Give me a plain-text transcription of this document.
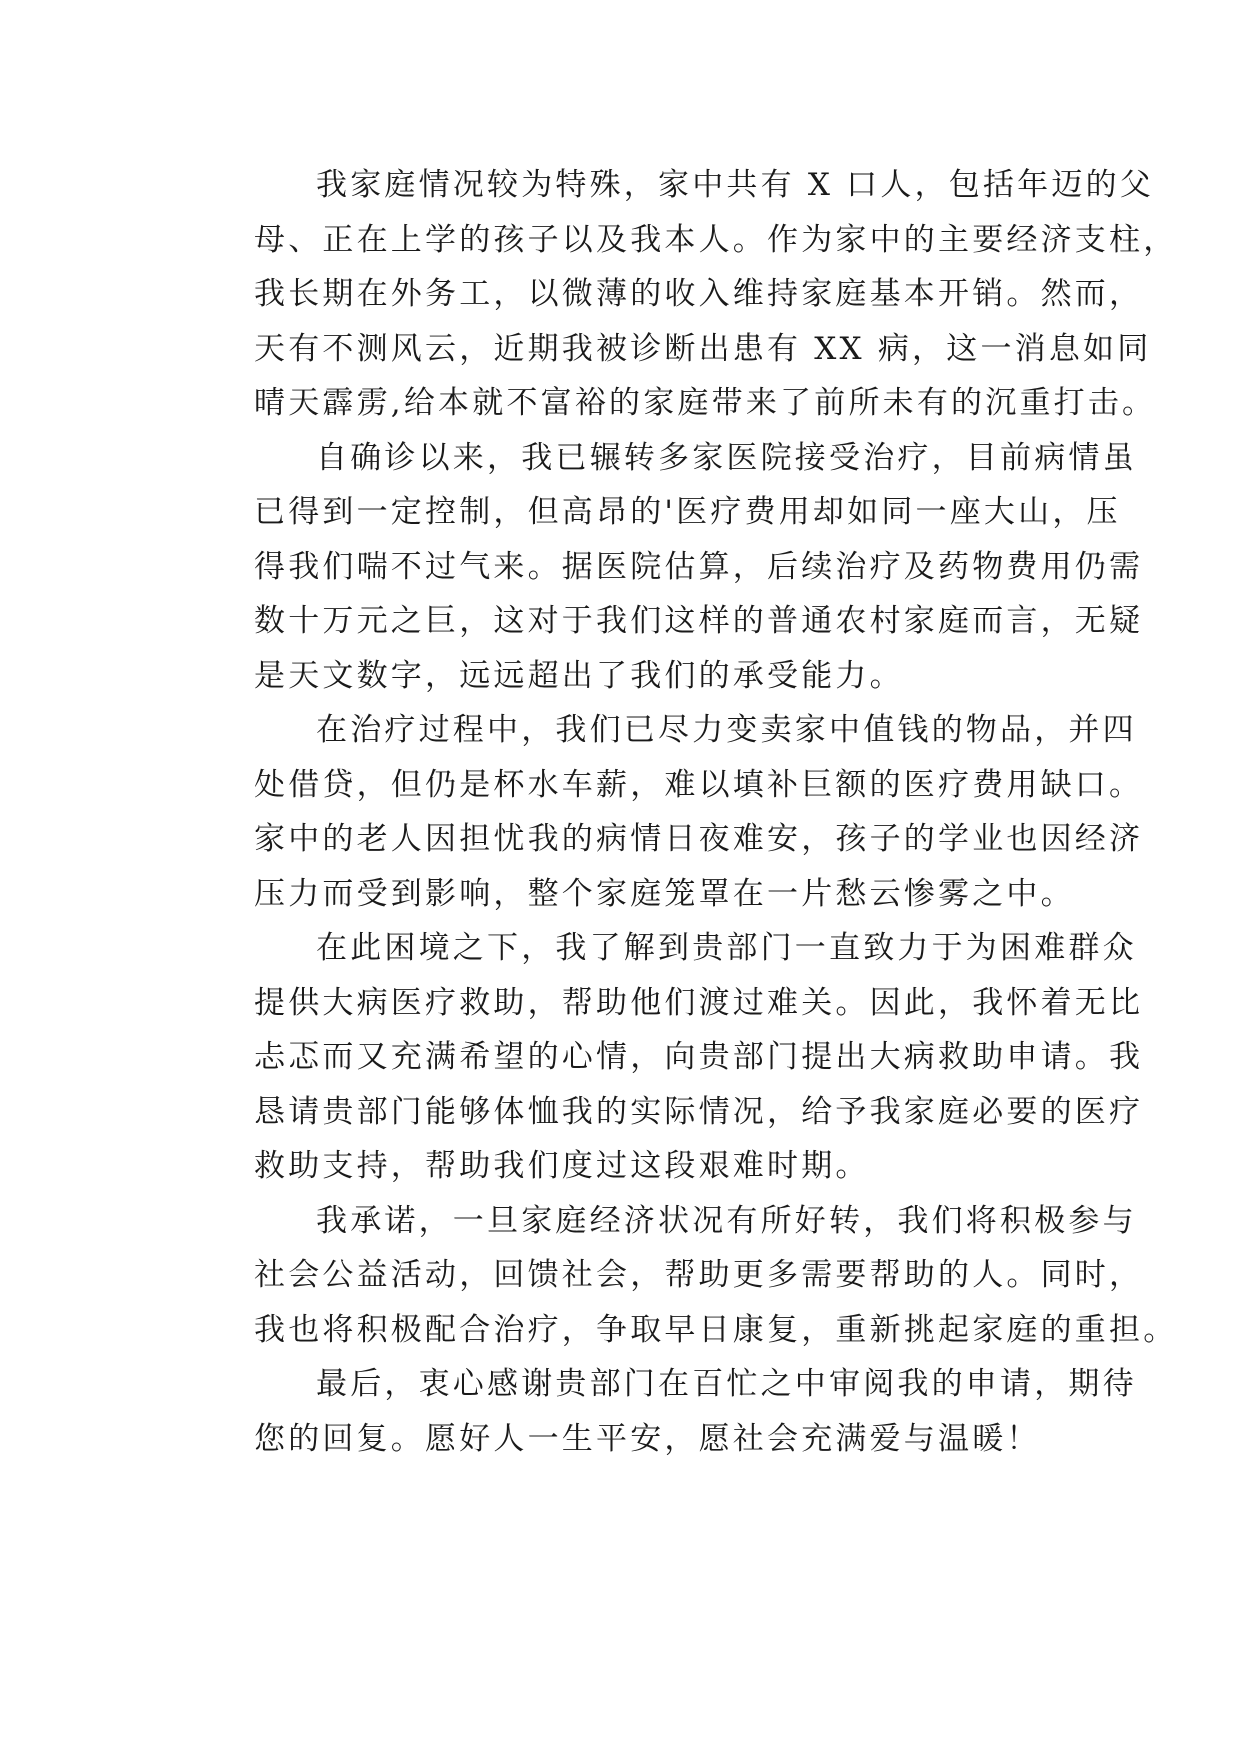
我家庭情况较为特殊，家中共有 X 口人，包括年迈的父
母、正在上学的孩子以及我本人。作为家中的主要经济支柱，
我长期在外务工，以微薄的收入维持家庭基本开销。然而，
天有不测风云，近期我被诊断出患有 XX 病，这一消息如同
晴天霹雳,给本就不富裕的家庭带来了前所未有的沉重打击。
自确诊以来，我已辗转多家医院接受治疗，目前病情虽
已得到一定控制，但高昂的'医疗费用却如同一座大山，压
得我们喘不过气来。据医院估算，后续治疗及药物费用仍需
数十万元之巨，这对于我们这样的普通农村家庭而言，无疑
是天文数字，远远超出了我们的承受能力。
在治疗过程中，我们已尽力变卖家中值钱的物品，并四
处借贷，但仍是杯水车薪，难以填补巨额的医疗费用缺口。
家中的老人因担忧我的病情日夜难安，孩子的学业也因经济
压力而受到影响，整个家庭笼罩在一片愁云惨雾之中。
在此困境之下，我了解到贵部门一直致力于为困难群众
提供大病医疗救助，帮助他们渡过难关。因此，我怀着无比
忐忑而又充满希望的心情，向贵部门提出大病救助申请。我
恳请贵部门能够体恤我的实际情况，给予我家庭必要的医疗
救助支持，帮助我们度过这段艰难时期。
我承诺，一旦家庭经济状况有所好转，我们将积极参与
社会公益活动，回馈社会，帮助更多需要帮助的人。同时，
我也将积极配合治疗，争取早日康复，重新挑起家庭的重担。
最后，衷心感谢贵部门在百忙之中审阅我的申请，期待
您的回复。愿好人一生平安，愿社会充满爱与温暖！
